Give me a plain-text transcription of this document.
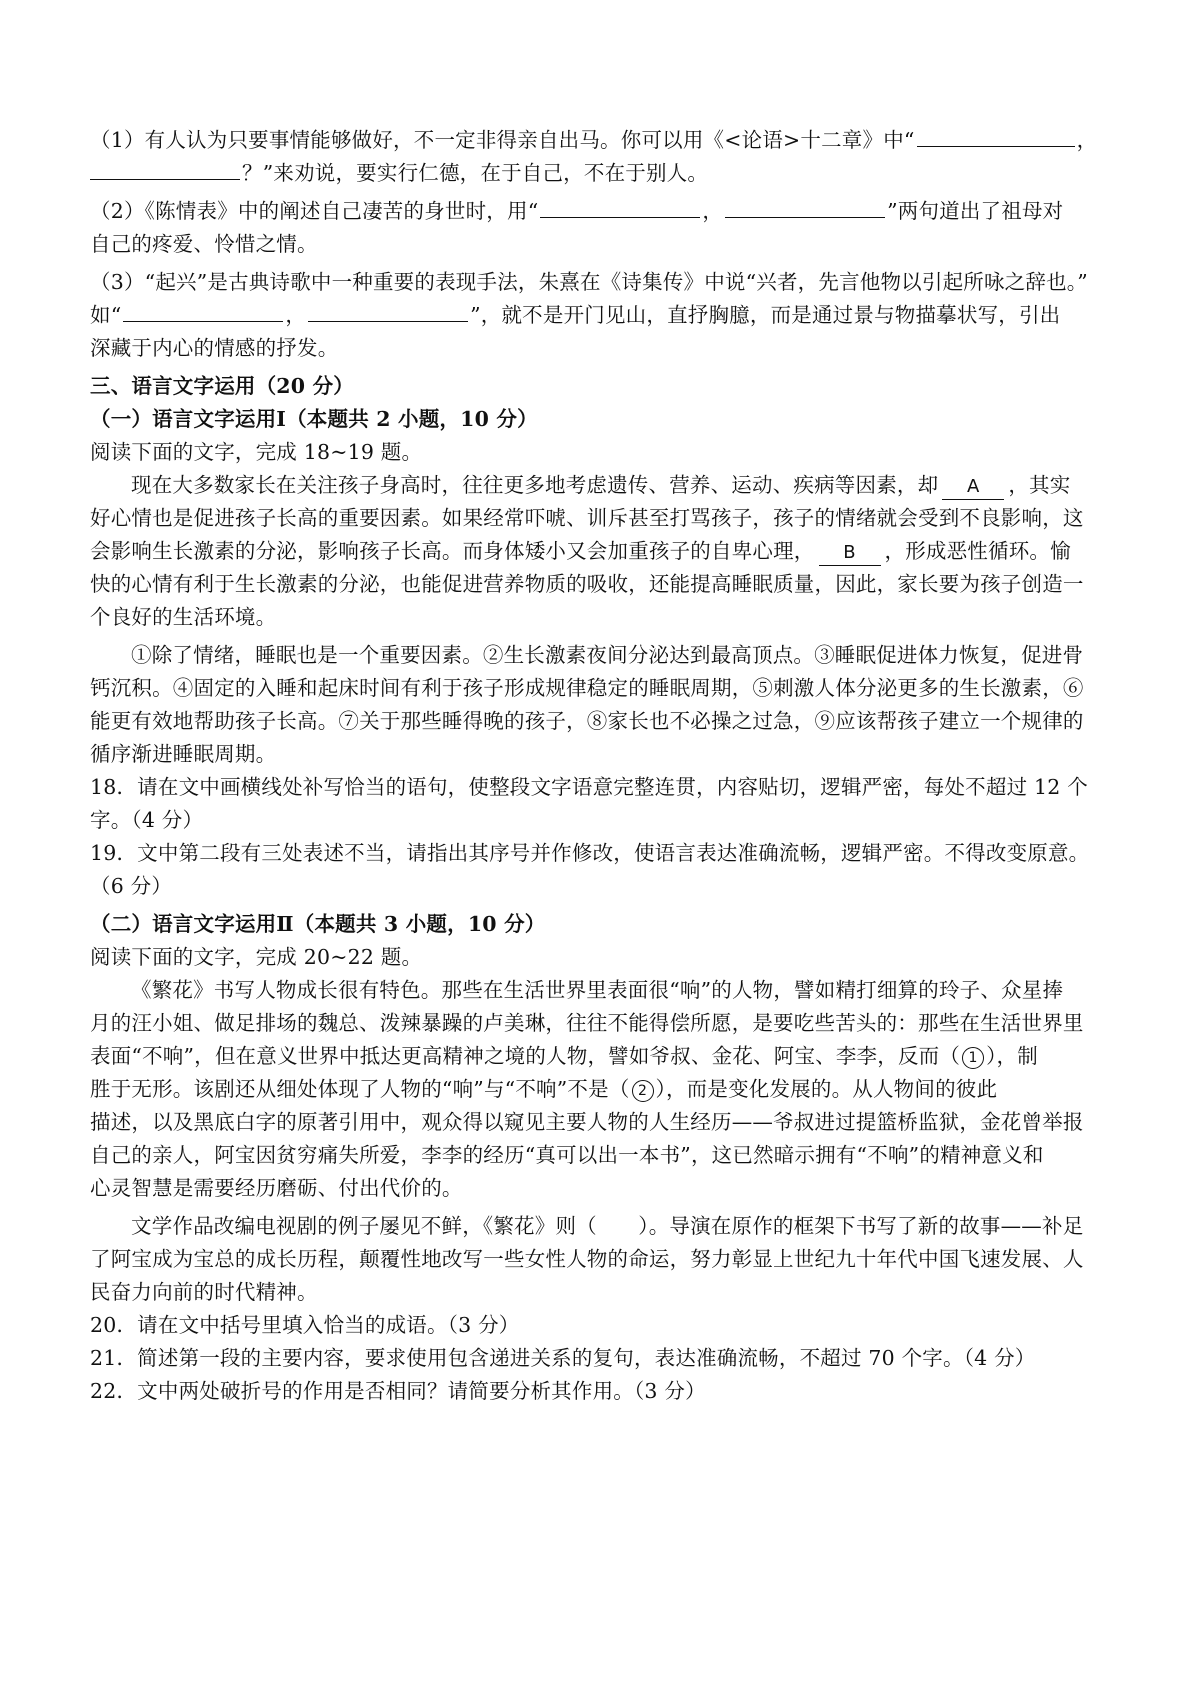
（1）有人认为只要事情能够做好，不一定非得亲自出马。你可以用《<论语>十二章》中“	，

？”来劝说，要实行仁德，在于自己，不在于别人。

（2）《陈情表》中的阐述自己凄苦的身世时，用“	，	”两句道出了祖母对

自己的疼爱、怜惜之情。

（3）“起兴”是古典诗歌中一种重要的表现手法，朱熹在《诗集传》中说“兴者，先言他物以引起所咏之辞也。”

如“	，	”，就不是开门见山，直抒胸臆，而是通过景与物描摹状写，引出

深藏于内心的情感的抒发。

三、语言文字运用（20 分）

（一）语言文字运用Ⅰ（本题共 2 小题，10 分）

阅读下面的文字，完成 18~19 题。

现在大多数家长在关注孩子身高时，往往更多地考虑遗传、营养、运动、疾病等因素，却 A ，其实

好心情也是促进孩子长高的重要因素。如果经常吓唬、训斥甚至打骂孩子，孩子的情绪就会受到不良影响，这

会影响生长激素的分泌，影响孩子长高。而身体矮小又会加重孩子的自卑心理， B ，形成恶性循环。愉

快的心情有利于生长激素的分泌，也能促进营养物质的吸收，还能提高睡眠质量，因此，家长要为孩子创造一

个良好的生活环境。

①除了情绪，睡眠也是一个重要因素。②生长激素夜间分泌达到最高顶点。③睡眠促进体力恢复，促进骨

钙沉积。④固定的入睡和起床时间有利于孩子形成规律稳定的睡眠周期，⑤刺激人体分泌更多的生长激素，⑥

能更有效地帮助孩子长高。⑦关于那些睡得晚的孩子，⑧家长也不必操之过急，⑨应该帮孩子建立一个规律的

循序渐进睡眠周期。

18．请在文中画横线处补写恰当的语句，使整段文字语意完整连贯，内容贴切，逻辑严密，每处不超过 12 个

字。（4 分）

19．文中第二段有三处表述不当，请指出其序号并作修改，使语言表达准确流畅，逻辑严密。不得改变原意。

（6 分）

（二）语言文字运用Ⅱ（本题共 3 小题，10 分）

阅读下面的文字，完成 20~22 题。

《繁花》书写人物成长很有特色。那些在生活世界里表面很“响”的人物，譬如精打细算的玲子、众星捧

月的汪小姐、做足排场的魏总、泼辣暴躁的卢美琳，往往不能得偿所愿，是要吃些苦头的：那些在生活世界里

表面“不响”，但在意义世界中抵达更高精神之境的人物，譬如爷叔、金花、阿宝、李李，反而（ 1 ），制

胜于无形。该剧还从细处体现了人物的“响”与“不响”不是（ 2 ），而是变化发展的。从人物间的彼此

描述，以及黑底白字的原著引用中，观众得以窥见主要人物的人生经历——爷叔进过提篮桥监狱，金花曾举报

自己的亲人，阿宝因贫穷痛失所爱，李李的经历“真可以出一本书”，这已然暗示拥有“不响”的精神意义和

心灵智慧是需要经历磨砺、付出代价的。

文学作品改编电视剧的例子屡见不鲜，《繁花》则（　　）。导演在原作的框架下书写了新的故事——补足

了阿宝成为宝总的成长历程，颠覆性地改写一些女性人物的命运，努力彰显上世纪九十年代中国飞速发展、人

民奋力向前的时代精神。

20．请在文中括号里填入恰当的成语。（3 分）

21．简述第一段的主要内容，要求使用包含递进关系的复句，表达准确流畅，不超过 70 个字。（4 分）

22．文中两处破折号的作用是否相同？请简要分析其作用。（3 分）
